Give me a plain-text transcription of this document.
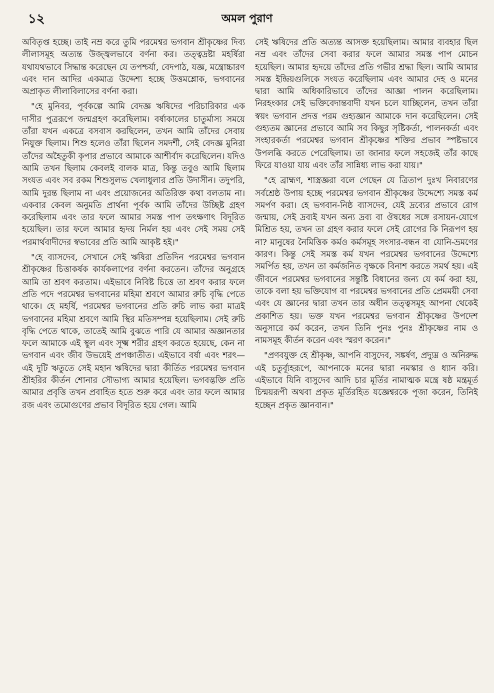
১২	অমল পুরাণ

অবিতৃপ্ত হচ্ছে। তাই নম্র করে তুমি পরমেশ্বর ভগবান শ্রীকৃষ্ণের দিব্য লীলাসমূহ অত্যন্ত উজ্জ্বলভাবে বর্ণনা কর। তত্ত্বদ্রষ্টা মহর্ষিরা যথাযথভাবে সিদ্ধান্ত করেছেন যে তপশ্চর্যা, বেদপাঠ, যজ্ঞ, মন্ত্রোচ্চারণ এবং দান আদির একমাত্র উদ্দেশ্য হচ্ছে উত্তমশ্লোক, ভগবানের অপ্রাকৃত লীলাবিলাসের বর্ণনা করা।

"হে মুনিবর, পূর্বকল্পে আমি বেদজ্ঞ ঋষিদের পরিচারিকার এক দাসীর পুত্ররূপে জন্মগ্রহণ করেছিলাম। বর্ষাকালের চাতুর্মাস্য সময়ে তাঁরা যখন একত্রে বসবাস করছিলেন, তখন আমি তাঁদের সেবায় নিযুক্ত ছিলাম। শিশু হলেও তাঁরা ছিলেন সমদর্শী, সেই বেদজ্ঞ মুনিরা তাঁদের অহৈতুকী কৃপার প্রভাবে আমাকে আশীর্বাদ করেছিলেন। যদিও আমি তখন ছিলাম কেবলই বালক মাত্র, কিন্তু তবুও আমি ছিলাম সংযত এবং সব রকম শিশুসুলভ খেলাধুলার প্রতি উদাসীন। তদুপরি, আমি দুরন্ত ছিলাম না এবং প্রয়োজনের অতিরিক্ত কথা বলতাম না। একবার কেবল অনুমতি প্রার্থনা পূর্বক আমি তাঁদের উচ্ছিষ্ট গ্রহণ করেছিলাম এবং তার ফলে আমার সমস্ত পাপ তৎক্ষণাৎ বিদূরিত হয়েছিল। তার ফলে আমার হৃদয় নির্মল হয় এবং সেই সময় সেই পরমার্থবাদীদের স্বভাবের প্রতি আমি আকৃষ্ট হই।"

"হে ব্যাসদেব, সেখানে সেই ঋষিরা প্রতিদিন পরমেশ্বর ভগবান শ্রীকৃষ্ণের চিত্তাকর্ষক কার্যকলাপের বর্ণনা করতেন। তাঁদের অনুগ্রহে আমি তা শ্রবণ করতাম। এইভাবে নিবিষ্ট চিত্তে তা শ্রবণ করার ফলে প্রতি পদে পরমেশ্বর ভগবানের মহিমা শ্রবণে আমার রুচি বৃদ্ধি পেতে থাকে। হে মহর্ষি, পরমেশ্বর ভগবানের প্রতি রুচি লাভ করা মাত্রই ভগবানের মহিমা শ্রবণে আমি স্থির মতিসম্পন্ন হয়েছিলাম। সেই রুচি বৃদ্ধি পেতে থাকে, তাতেই আমি বুঝতে পারি যে আমার অজ্ঞানতার ফলে আমাকে এই স্থূল এবং সূক্ষ্ম শরীর গ্রহণ করতে হয়েছে, কেন না ভগবান এবং জীব উভয়েই প্রপঞ্চাতীত। এইভাবে বর্ষা এবং শরৎ—এই দুটি ঋতুতে সেই মহান ঋষিদের দ্বারা কীর্তিত পরমেশ্বর ভগবান শ্রীহরির কীর্তন শোনার সৌভাগ্য আমার হয়েছিল। ভগবদ্ভক্তি প্রতি আমার প্রবৃত্তি তখন প্রবাহিত হতে শুরু করে এবং তার ফলে আমার রজ এবং তমোগুণের প্রভাব বিদূরিত হয়ে গেল। আমি

সেই ঋষিদের প্রতি অত্যন্ত আসক্ত হয়েছিলাম। আমার ব্যবহার ছিল নম্র এবং তাঁদের সেবা করার ফলে আমার সমস্ত পাপ মোচন হয়েছিল। আমার হৃদয়ে তাঁদের প্রতি গভীর শ্রদ্ধা ছিল। আমি আমার সমস্ত ইন্দ্রিয়গুলিকে সংযত করেছিলাম এবং আমার দেহ ও মনের দ্বারা আমি অধিকারিভাবে তাঁদের আজ্ঞা পালন করেছিলাম। নিরহংকার সেই ভক্তিবেদান্তবাদী যখন চলে যাচ্ছিলেন, তখন তাঁরা স্বয়ং ভগবান প্রদত্ত পরম গুহ্যজ্ঞান আমাকে দান করেছিলেন। সেই গুহ্যতম জ্ঞানের প্রভাবে আমি সব কিছুর সৃষ্টিকর্তা, পালনকর্তা এবং সংহারকর্তা পরমেশ্বর ভগবান শ্রীকৃষ্ণের শক্তির প্রভাব স্পষ্টভাবে উপলব্ধি করতে পেরেছিলাম। তা জানার ফলে সহজেই তাঁর কাছে ফিরে যাওয়া যায় এবং তাঁর সান্নিধ্য লাভ করা যায়।"

"হে ব্রাহ্মণ, শাস্ত্রজ্ঞরা বলে গেছেন যে ত্রিতাপ দুঃখ নিবারণের সর্বশ্রেষ্ঠ উপায় হচ্ছে পরমেশ্বর ভগবান শ্রীকৃষ্ণের উদ্দেশ্যে সমস্ত কর্ম সমর্পণ করা। হে ভগবান-নিষ্ঠ ব্যাসদেব, যেই দ্রব্যের প্রভাবে রোগ জন্মায়, সেই দ্রব্যই যখন অন্য দ্রব্য বা ঔষধের সঙ্গে রসায়ন-যোগে মিশ্রিত হয়, তখন তা গ্রহণ করার ফলে সেই রোগের কি নিরূপণ হয় না? মানুষের নৈমিত্তিক কর্মও কর্মসমূহ সংসার-বন্ধন বা যোনি-ভ্রমণের কারণ। কিন্তু সেই সমস্ত কর্ম যখন পরমেশ্বর ভগবানের উদ্দেশ্যে সমর্পিত হয়, তখন তা কর্মজনিত বৃক্ষকে বিনাশ করতে সমর্থ হয়। এই জীবনে পরমেশ্বর ভগবানের সন্তুষ্টি বিধানের জন্য যে কর্ম করা হয়, তাকে বলা হয় ভক্তিযোগ বা পরমেশ্বর ভগবানের প্রতি প্রেমময়ী সেবা এবং যে জ্ঞানের দ্বারা তখন তার অধীন তত্ত্বসমূহ আপনা থেকেই প্রকাশিত হয়। ভক্ত যখন পরমেশ্বর ভগবান শ্রীকৃষ্ণের উপদেশ অনুসারে কর্ম করেন, তখন তিনি পুনঃ পুনঃ শ্রীকৃষ্ণের নাম ও নামসমূহ কীর্তন করেন এবং স্মরণ করেন।"

"প্রণবযুক্ত হে শ্রীকৃষ্ণ, আপনি বাসুদেব, সঙ্কর্ষণ, প্রদ্যুম্ন ও অনিরুদ্ধ এই চতুর্ব্যূহরূপে, আপনাকে মনের দ্বারা নমস্কার ও ধ্যান করি। এইভাবে যিনি বাসুদেব আদি চার মূর্তির নামাত্মক মন্ত্রে ষষ্ঠ মন্ত্রমূর্ত চিন্ময়রূপী অথবা প্রকৃত মূর্তিরহিত যজ্ঞেশ্বরকে পূজা করেন, তিনিই হচ্ছেন প্রকৃত জ্ঞানবান।"
